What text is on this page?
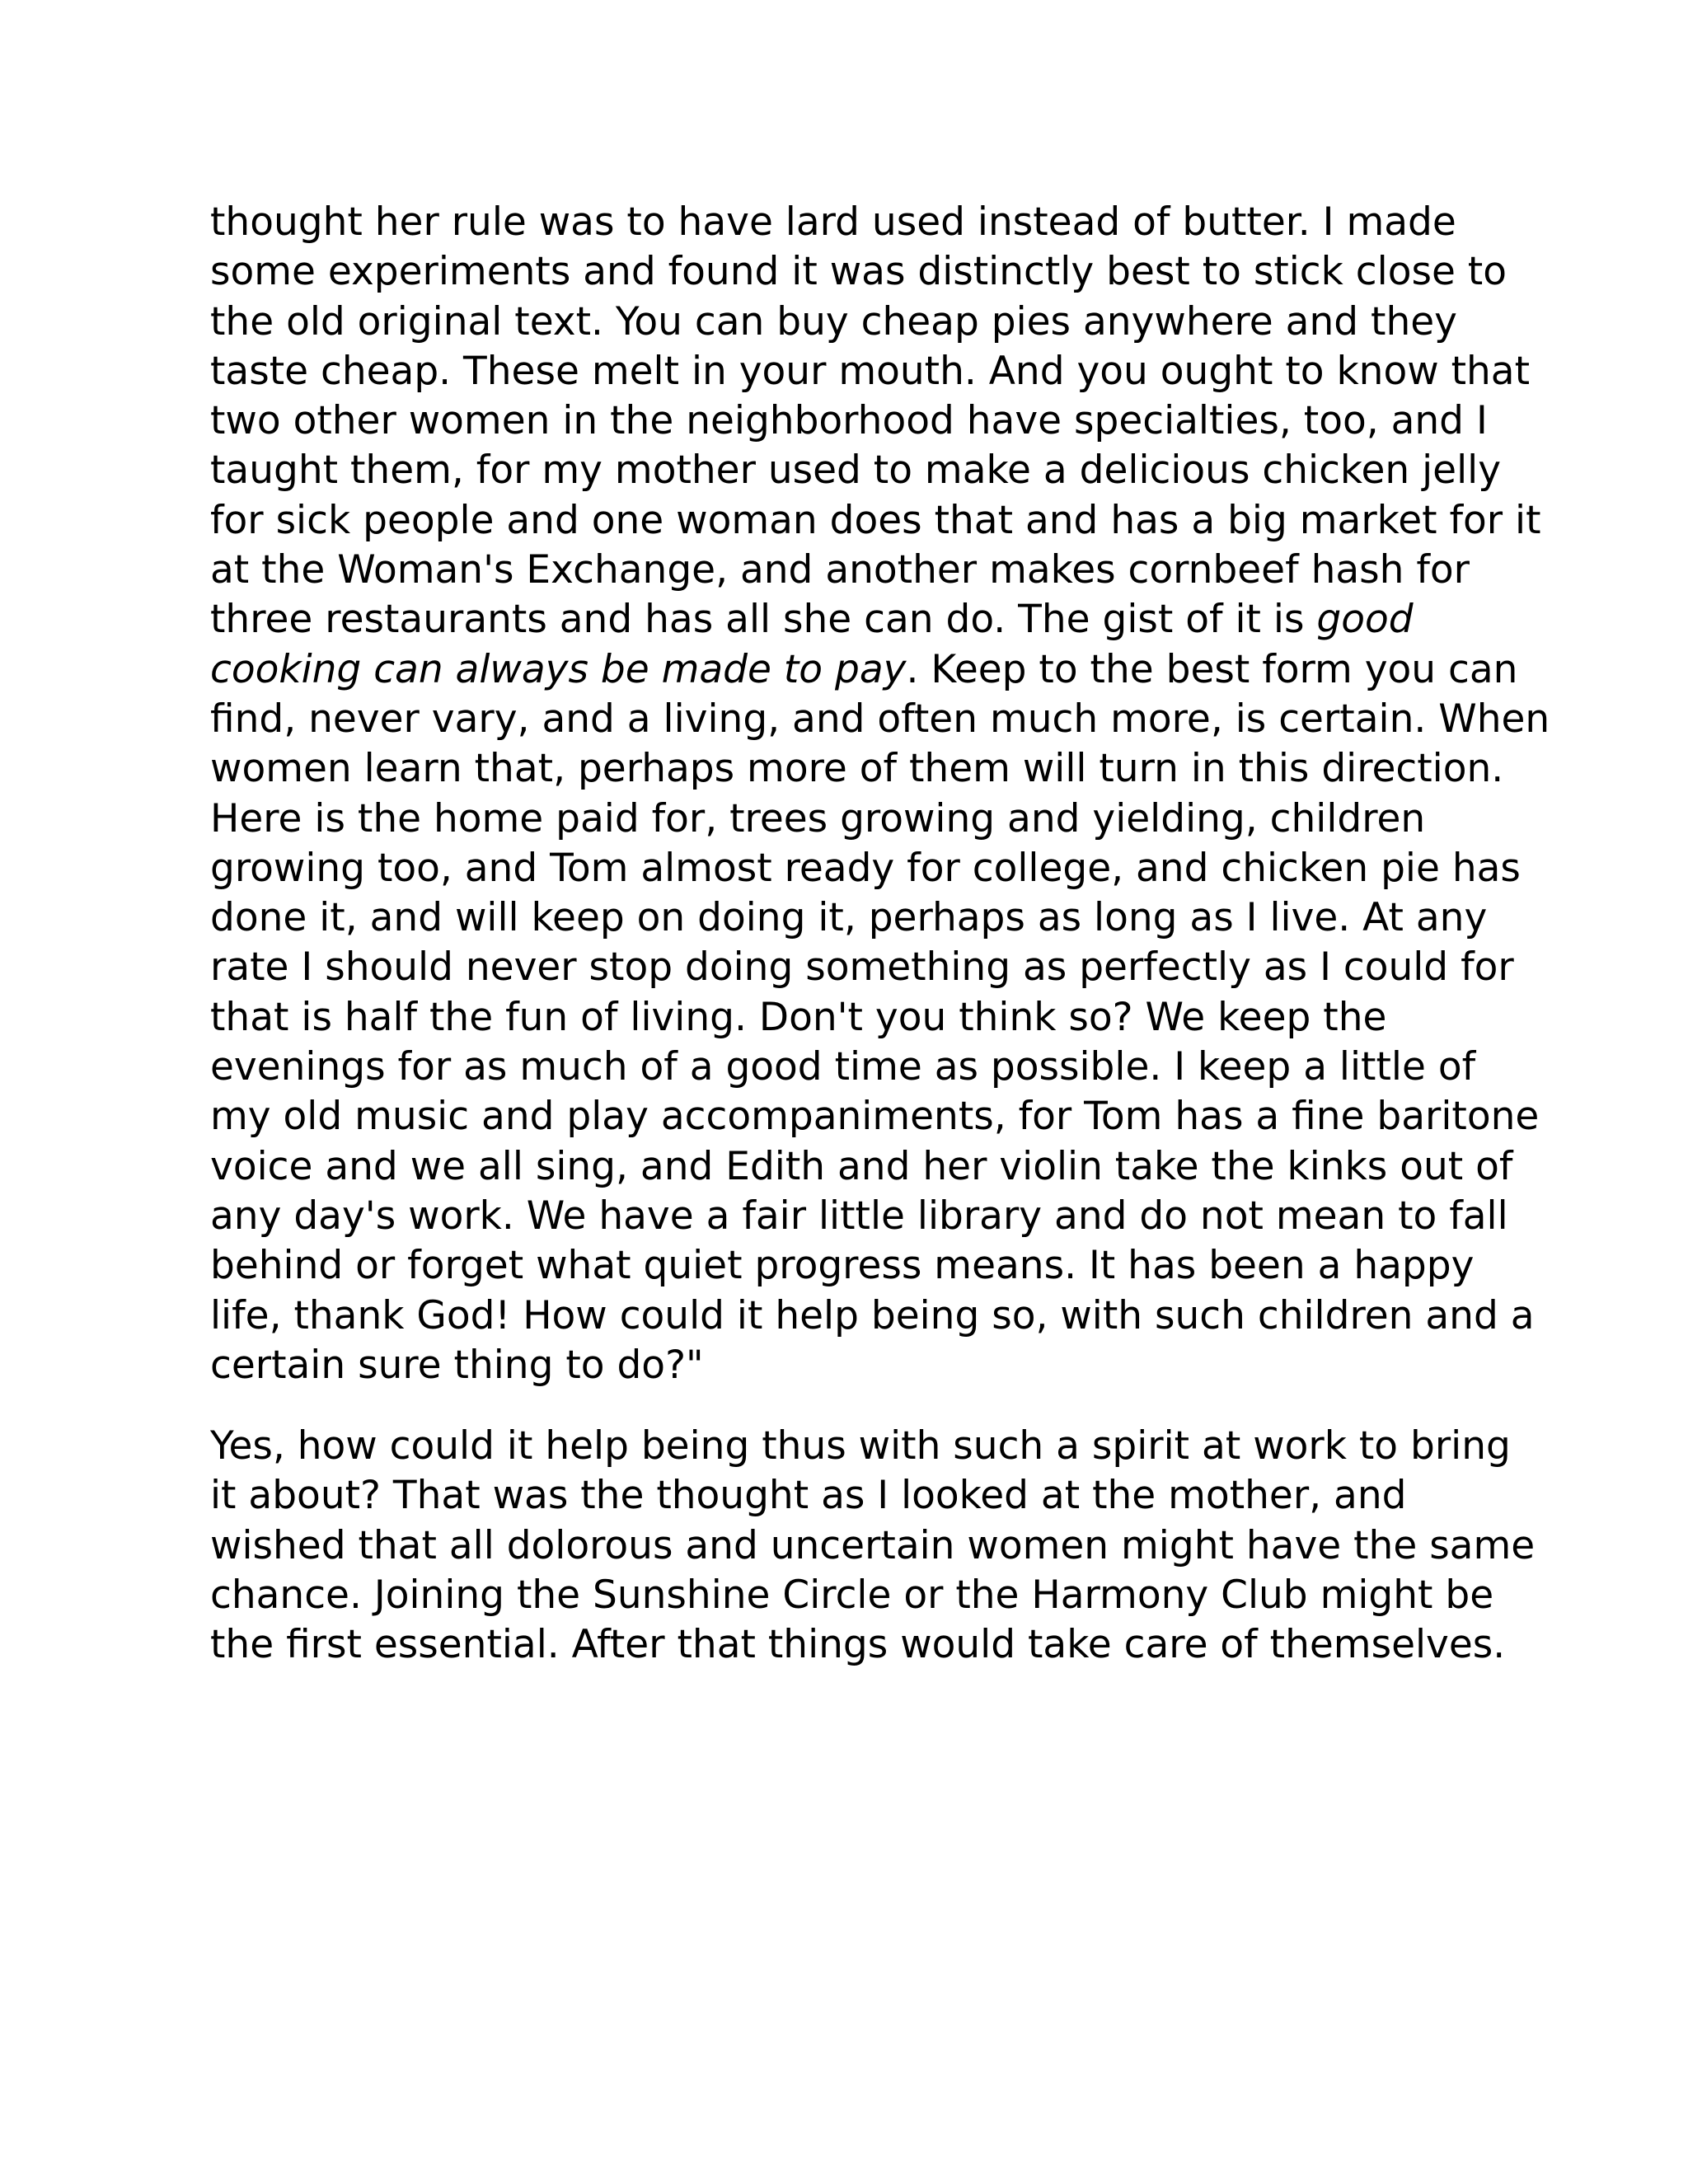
thought her rule was to have lard used instead of butter. I made
some experiments and found it was distinctly best to stick close to
the old original text. You can buy cheap pies anywhere and they
taste cheap. These melt in your mouth. And you ought to know that
two other women in the neighborhood have specialties, too, and I
taught them, for my mother used to make a delicious chicken jelly
for sick people and one woman does that and has a big market for it
at the Woman's Exchange, and another makes cornbeef hash for
three restaurants and has all she can do. The gist of it is good
cooking can always be made to pay. Keep to the best form you can
find, never vary, and a living, and often much more, is certain. When
women learn that, perhaps more of them will turn in this direction.
Here is the home paid for, trees growing and yielding, children
growing too, and Tom almost ready for college, and chicken pie has
done it, and will keep on doing it, perhaps as long as I live. At any
rate I should never stop doing something as perfectly as I could for
that is half the fun of living. Don't you think so? We keep the
evenings for as much of a good time as possible. I keep a little of
my old music and play accompaniments, for Tom has a fine baritone
voice and we all sing, and Edith and her violin take the kinks out of
any day's work. We have a fair little library and do not mean to fall
behind or forget what quiet progress means. It has been a happy
life, thank God! How could it help being so, with such children and a
certain sure thing to do?"

Yes, how could it help being thus with such a spirit at work to bring
it about? That was the thought as I looked at the mother, and
wished that all dolorous and uncertain women might have the same
chance. Joining the Sunshine Circle or the Harmony Club might be
the first essential. After that things would take care of themselves.
